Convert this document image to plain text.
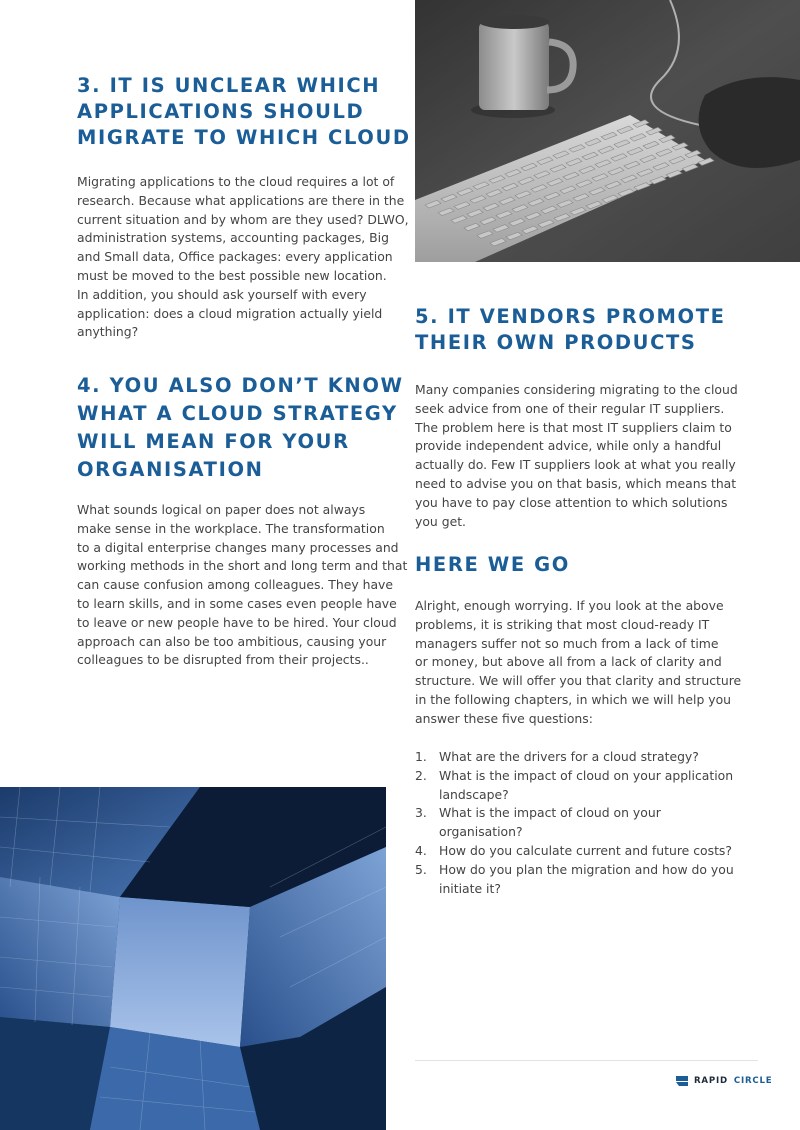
3. IT IS UNCLEAR WHICH
APPLICATIONS SHOULD
MIGRATE TO WHICH CLOUD

Migrating applications to the cloud requires a lot of
research. Because what applications are there in the
current situation and by whom are they used? DLWO,
administration systems, accounting packages, Big
and Small data, Office packages: every application
must be moved to the best possible new location.
In addition, you should ask yourself with every
application: does a cloud migration actually yield
anything?

4. YOU ALSO DON’T KNOW
WHAT A CLOUD STRATEGY
WILL MEAN FOR YOUR
ORGANISATION

What sounds logical on paper does not always
make sense in the workplace. The transformation
to a digital enterprise changes many processes and
working methods in the short and long term and that
can cause confusion among colleagues. They have
to learn skills, and in some cases even people have
to leave or new people have to be hired. Your cloud
approach can also be too ambitious, causing your
colleagues to be disrupted from their projects..

5. IT VENDORS PROMOTE
THEIR OWN PRODUCTS

Many companies considering migrating to the cloud
seek advice from one of their regular IT suppliers.
The problem here is that most IT suppliers claim to
provide independent advice, while only a handful
actually do. Few IT suppliers look at what you really
need to advise you on that basis, which means that
you have to pay close attention to which solutions
you get.

HERE WE GO

Alright, enough worrying. If you look at the above
problems, it is striking that most cloud-ready IT
managers suffer not so much from a lack of time
or money, but above all from a lack of clarity and
structure. We will offer you that clarity and structure
in the following chapters, in which we will help you
answer these five questions:

1. What are the drivers for a cloud strategy?
2. What is the impact of cloud on your application
landscape?
3. What is the impact of cloud on your
organisation?
4. How do you calculate current and future costs?
5. How do you plan the migration and how do you
initiate it?
RAPID CIRCLE
